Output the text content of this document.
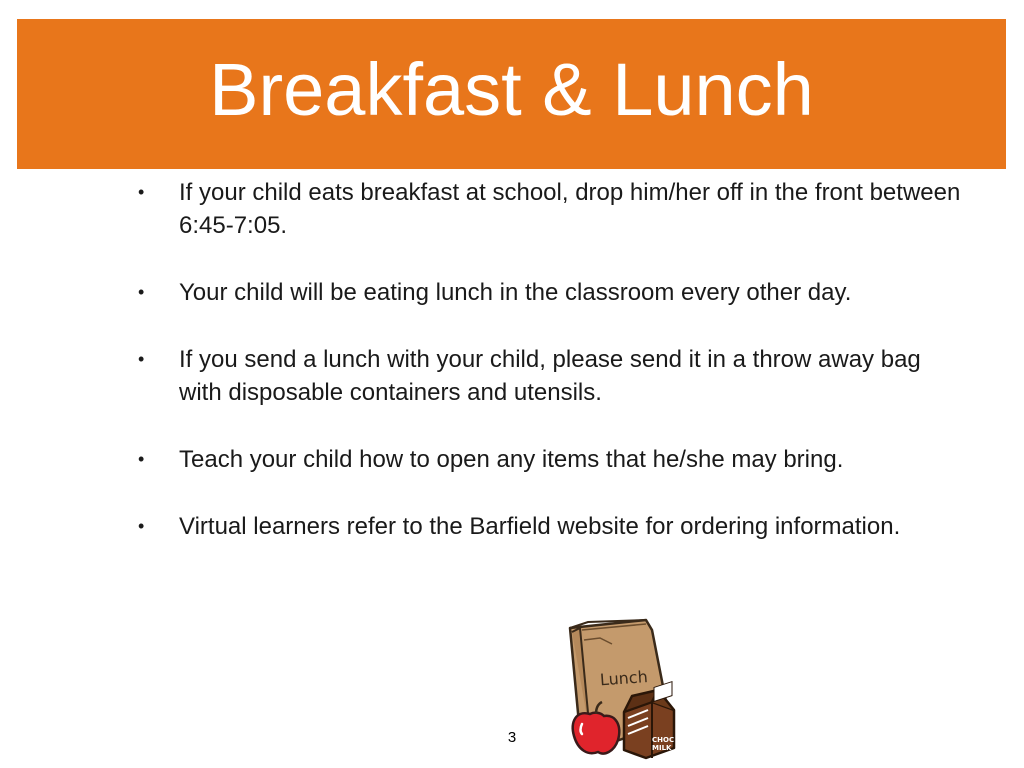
Breakfast & Lunch
• If your child eats breakfast at school, drop him/her off in the front between 6:45-7:05.
• Your child will be eating lunch in the classroom every other day.
• If you send a lunch with your child, please send it in a throw away bag with disposable containers and utensils.
• Teach your child how to open any items that he/she may bring.
• Virtual learners refer to the Barfield website for ordering information.
Lunch
CHOC
MILK
3
